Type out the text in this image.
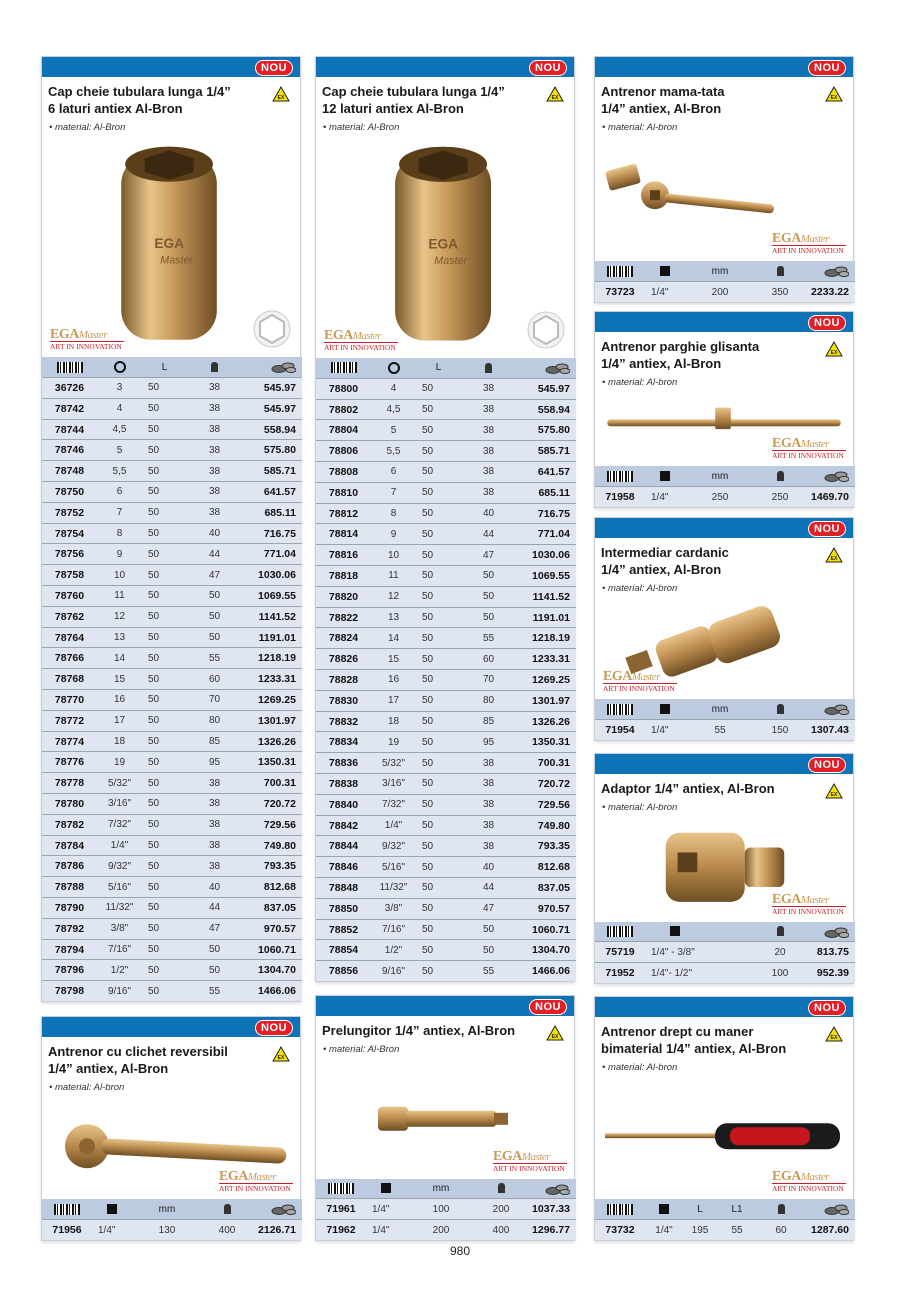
NOU
Cap cheie tubulara lunga 1/4”
6 laturi antiex Al-Bron
EX
• material: Al-Bron
EGA
Master
EGAMaster
ART IN INNOVATION
		L		
36726	3	50	38	545.97
78742	4	50	38	545.97
78744	4,5	50	38	558.94
78746	5	50	38	575.80
78748	5,5	50	38	585.71
78750	6	50	38	641.57
78752	7	50	38	685.11
78754	8	50	40	716.75
78756	9	50	44	771.04
78758	10	50	47	1030.06
78760	11	50	50	1069.55
78762	12	50	50	1141.52
78764	13	50	50	1191.01
78766	14	50	55	1218.19
78768	15	50	60	1233.31
78770	16	50	70	1269.25
78772	17	50	80	1301.97
78774	18	50	85	1326.26
78776	19	50	95	1350.31
78778	5/32"	50	38	700.31
78780	3/16"	50	38	720.72
78782	7/32"	50	38	729.56
78784	1/4"	50	38	749.80
78786	9/32"	50	38	793.35
78788	5/16"	50	40	812.68
78790	11/32"	50	44	837.05
78792	3/8"	50	47	970.57
78794	7/16"	50	50	1060.71
78796	1/2"	50	50	1304.70
78798	9/16"	50	55	1466.06
NOU
Cap cheie tubulara lunga 1/4”
12 laturi antiex Al-Bron
EX
• material: Al-Bron
EGA
Master
EGAMaster
ART IN INNOVATION
		L		
78800	4	50	38	545.97
78802	4,5	50	38	558.94
78804	5	50	38	575.80
78806	5,5	50	38	585.71
78808	6	50	38	641.57
78810	7	50	38	685.11
78812	8	50	40	716.75
78814	9	50	44	771.04
78816	10	50	47	1030.06
78818	11	50	50	1069.55
78820	12	50	50	1141.52
78822	13	50	50	1191.01
78824	14	50	55	1218.19
78826	15	50	60	1233.31
78828	16	50	70	1269.25
78830	17	50	80	1301.97
78832	18	50	85	1326.26
78834	19	50	95	1350.31
78836	5/32"	50	38	700.31
78838	3/16"	50	38	720.72
78840	7/32"	50	38	729.56
78842	1/4"	50	38	749.80
78844	9/32"	50	38	793.35
78846	5/16"	50	40	812.68
78848	11/32"	50	44	837.05
78850	3/8"	50	47	970.57
78852	7/16"	50	50	1060.71
78854	1/2"	50	50	1304.70
78856	9/16"	50	55	1466.06
NOU
Antrenor mama-tata
1/4” antiex, Al-Bron
EX
• material: Al-bron
EGAMaster
ART IN INNOVATION
		mm		
73723	1/4"	200	350	2233.22
NOU
Antrenor parghie glisanta
1/4” antiex, Al-Bron
EX
• material: Al-bron
EGAMaster
ART IN INNOVATION
		mm		
71958	1/4"	250	250	1469.70
NOU
Intermediar cardanic
1/4” antiex, Al-Bron
EX
• material: Al-bron
EGAMaster
ART IN INNOVATION
		mm		
71954	1/4"	55	150	1307.43
NOU
Adaptor 1/4” antiex, Al-Bron	EX
• material: Al-bron
EGAMaster
ART IN INNOVATION

75719	1/4" - 3/8"		20	813.75
71952	1/4"- 1/2"		100	952.39
NOU
Antrenor cu clichet reversibil
1/4” antiex, Al-Bron
EX
• material: Al-bron
EGAMaster
ART IN INNOVATION
		mm		
71956	1/4"	130	400	2126.71
NOU
Prelungitor 1/4” antiex, Al-Bron	EX
• material: Al-Bron
EGAMaster
ART IN INNOVATION
		mm		
71961	1/4"	100	200	1037.33
71962	1/4"	200	400	1296.77
NOU
Antrenor drept cu maner
bimaterial 1/4” antiex, Al-Bron
EX
• material: Al-bron
EGAMaster
ART IN INNOVATION
		L	L1		
73732	1/4"	195	55	60	1287.60
980
